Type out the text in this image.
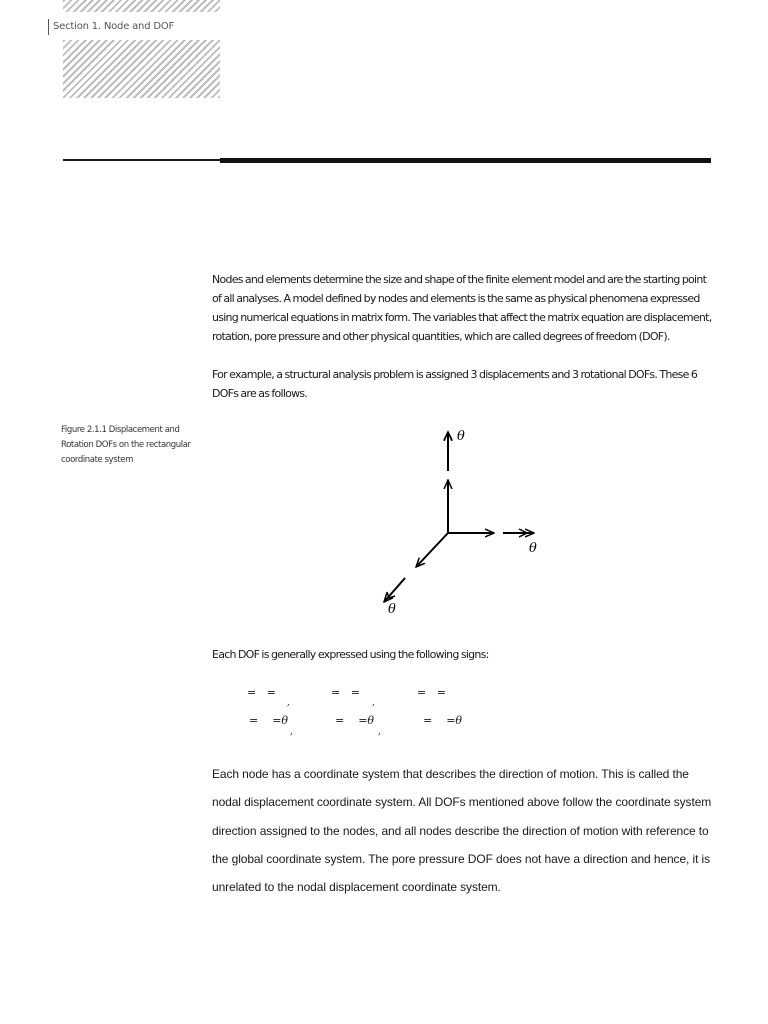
Section 1. Node and DOF

Nodes and elements determine the size and shape of the finite element model and are the starting point of all analyses. A model defined by nodes and elements is the same as physical phenomena expressed using numerical equations in matrix form. The variables that affect the matrix equation are displacement, rotation, pore pressure and other physical quantities, which are called degrees of freedom (DOF).

For example, a structural analysis problem is assigned 3 displacements and 3 rotational DOFs. These 6 DOFs are as follows.

Figure 2.1.1 Displacement and Rotation DOFs on the rectangular coordinate system

θ
θ
θ

Each DOF is generally expressed using the following signs:

=   =	=   =	=   =
,	,
=    =θ	=    =θ	=    =θ
,	,

Each node has a coordinate system that describes the direction of motion. This is called the nodal displacement coordinate system. All DOFs mentioned above follow the coordinate system direction assigned to the nodes, and all nodes describe the direction of motion with reference to the global coordinate system. The pore pressure DOF does not have a direction and hence, it is unrelated to the nodal displacement coordinate system.
